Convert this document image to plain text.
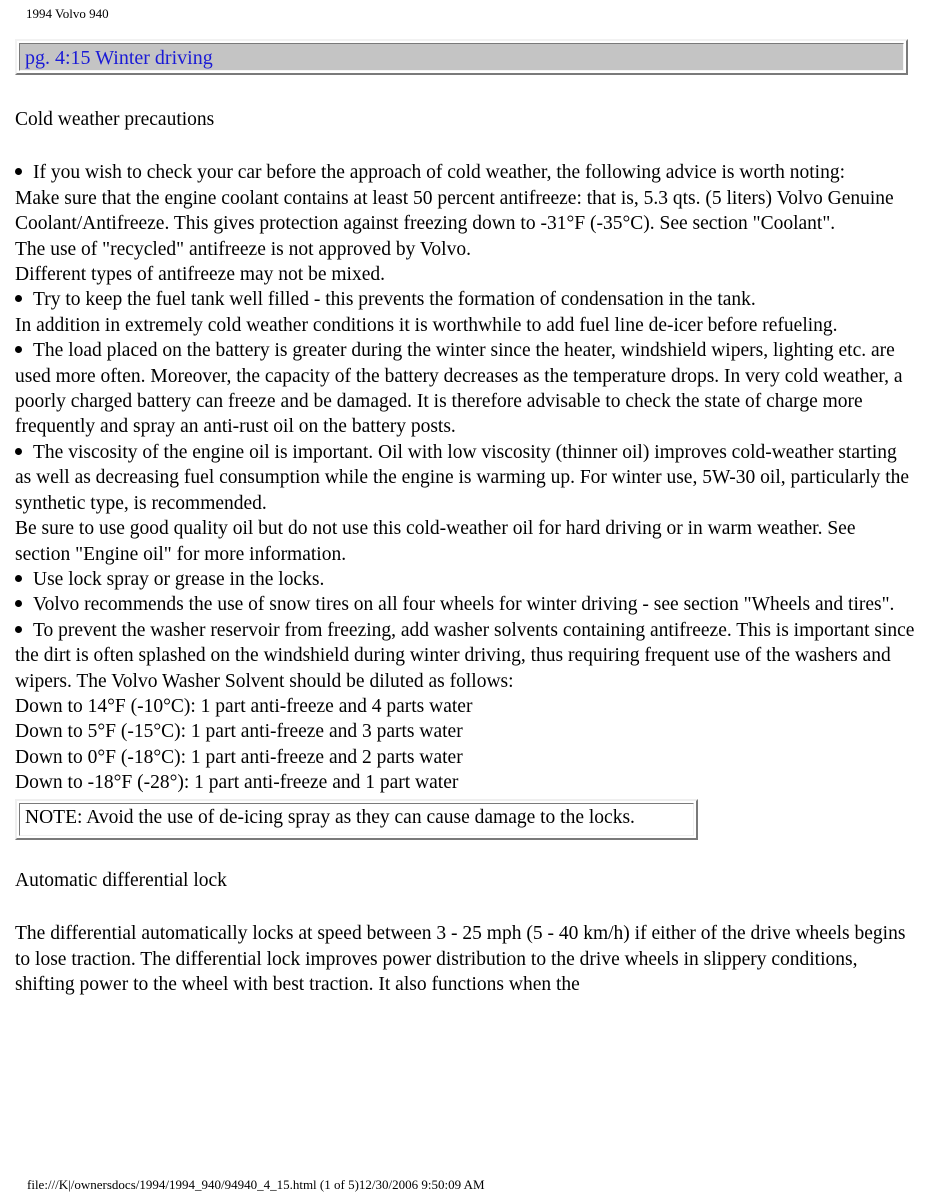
1994 Volvo 940
pg. 4:15 Winter driving

Cold weather precautions

If you wish to check your car before the approach of cold weather, the following advice is worth noting:

Make sure that the engine coolant contains at least 50 percent antifreeze: that is, 5.3 qts. (5 liters) Volvo Genuine Coolant/Antifreeze. This gives protection against freezing down to -31°F (-35°C). See section "Coolant".

The use of "recycled" antifreeze is not approved by Volvo.

Different types of antifreeze may not be mixed.

Try to keep the fuel tank well filled - this prevents the formation of condensation in the tank.

In addition in extremely cold weather conditions it is worthwhile to add fuel line de-icer before refueling.

The load placed on the battery is greater during the winter since the heater, windshield wipers, lighting etc. are used more often. Moreover, the capacity of the battery decreases as the temperature drops. In very cold weather, a poorly charged battery can freeze and be damaged. It is therefore advisable to check the state of charge more frequently and spray an anti-rust oil on the battery posts.

The viscosity of the engine oil is important. Oil with low viscosity (thinner oil) improves cold-weather starting as well as decreasing fuel consumption while the engine is warming up. For winter use, 5W-30 oil, particularly the synthetic type, is recommended.

Be sure to use good quality oil but do not use this cold-weather oil for hard driving or in warm weather. See section "Engine oil" for more information.

Use lock spray or grease in the locks.

Volvo recommends the use of snow tires on all four wheels for winter driving - see section "Wheels and tires".

To prevent the washer reservoir from freezing, add washer solvents containing antifreeze. This is important since the dirt is often splashed on the windshield during winter driving, thus requiring frequent use of the washers and wipers. The Volvo Washer Solvent should be diluted as follows:

Down to 14°F (-10°C): 1 part anti-freeze and 4 parts water

Down to 5°F (-15°C): 1 part anti-freeze and 3 parts water

Down to 0°F (-18°C): 1 part anti-freeze and 2 parts water

Down to -18°F (-28°): 1 part anti-freeze and 1 part water

NOTE: Avoid the use of de-icing spray as they can cause damage to the locks.

Automatic differential lock

The differential automatically locks at speed between 3 - 25 mph (5 - 40 km/h) if either of the drive wheels begins to lose traction. The differential lock improves power distribution to the drive wheels in slippery conditions, shifting power to the wheel with best traction. It also functions when the

file:///K|/ownersdocs/1994/1994_940/94940_4_15.html (1 of 5)12/30/2006 9:50:09 AM
